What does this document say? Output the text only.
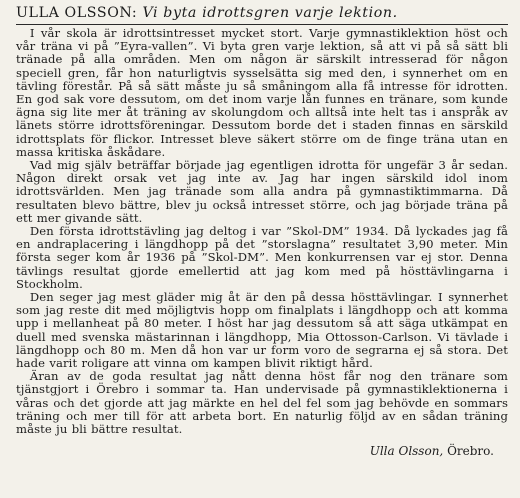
ULLA OLSSON: Vi byta idrottsgren varje lektion.

I vår skola är idrottsintresset mycket stort. Varje gymnastiklektion höst och vår träna vi på ”Eyra-vallen”. Vi byta gren varje lektion, så att vi på så sätt bli tränade på alla områden. Men om någon är särskilt intresserad för någon speciell gren, får hon naturligtvis sysselsätta sig med den, i synnerhet om en tävling förestår. På så sätt måste ju så småningom alla få intresse för idrotten. En god sak vore dessutom, om det inom varje lån funnes en tränare, som kunde ägna sig lite mer åt träning av skolungdom och alltså inte helt tas i anspråk av länets större idrottsföreningar. Dessutom borde det i staden finnas en särskild idrottsplats för flickor. Intresset bleve säkert större om de finge träna utan en massa kritiska åskådare.

Vad mig själv beträffar började jag egentligen idrotta för ungefär 3 år sedan. Någon direkt orsak vet jag inte av. Jag har ingen särskild idol inom idrottsvärlden. Men jag tränade som alla andra på gymnastiktimmarna. Då resultaten blevo bättre, blev ju också intresset större, och jag började träna på ett mer givande sätt.

Den första idrottstävling jag deltog i var ”Skol-DM” 1934. Då lyckades jag få en andraplacering i längdhopp på det ”storslagna” resultatet 3,90 meter. Min första seger kom år 1936 på ”Skol-DM”. Men konkurrensen var ej stor. Denna tävlings resultat gjorde emellertid att jag kom med på hösttävlingarna i Stockholm.

Den seger jag mest gläder mig åt är den på dessa hösttävlingar. I synnerhet som jag reste dit med möjligtvis hopp om finalplats i längdhopp och att komma upp i mellanheat på 80 meter. I höst har jag dessutom så att säga utkämpat en duell med svenska mästarinnan i längdhopp, Mia Ottosson-Carlson. Vi tävlade i längdhopp och 80 m. Men då hon var ur form voro de segrarna ej så stora. Det hade varit roligare att vinna om kampen blivit riktigt hård.

Äran av de goda resultat jag nått denna höst får nog den tränare som tjänstgjort i Örebro i sommar ta. Han undervisade på gymnastiklektionerna i våras och det gjorde att jag märkte en hel del fel som jag behövde en sommars träning och mer till för att arbeta bort. En naturlig följd av en sådan träning måste ju bli bättre resultat.

Ulla Olsson, Örebro.
